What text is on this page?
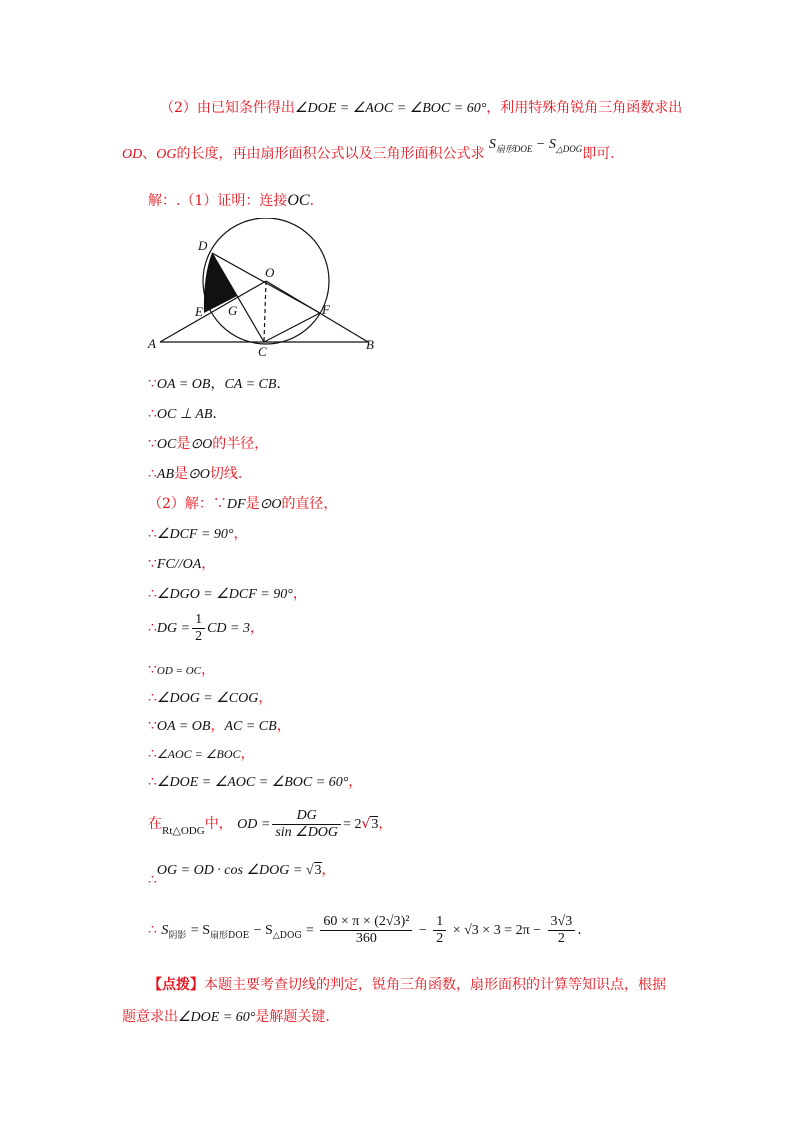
（2）由已知条件得出∠DOE = ∠AOC = ∠BOC = 60°，利用特殊角锐角三角函数求出
OD、OG的长度，再由扇形面积公式以及三角形面积公式求 $S_{扇形DOE} - S_{\triangle DOG}$即可.
解：.（1）证明：连接OC.
D
O
E G	F
A
C	B
∵OA = OB，CA = CB.
∴OC ⊥ AB.
∵OC是⊙O的半径，
∴AB是⊙O切线.
（2）解：∵DF是⊙O的直径，
∴∠DCF = 90°，
∵FC//OA，
∴∠DGO = ∠DCF = 90°，
∴DG = $\frac{1}{2}$ CD = 3，
∵OD = OC，
∴∠DOG = ∠COG，
∵OA = OB，AC = CB，
∴∠AOC = ∠BOC，
∴∠DOE = ∠AOC = ∠BOC = 60°，
在$_{Rt\triangle ODG}$中， OD = $\frac{DG}{\text{sin ∠DOG}} = 2√3$，
∴OG = OD · cos ∠DOG = √3，
∴ $S_{阴影} = S_{扇形DOE} - S_{\triangle DOG} = \frac{\text{60 × π × (2√3)²}}{360} - \frac{1}{2} \times √3 \times 3 = 2\pi - \frac{3√3}{2}$ .
【点拨】本题主要考查切线的判定，锐角三角函数，扇形面积的计算等知识点，根据
题意求出∠DOE = 60°是解题关键.
